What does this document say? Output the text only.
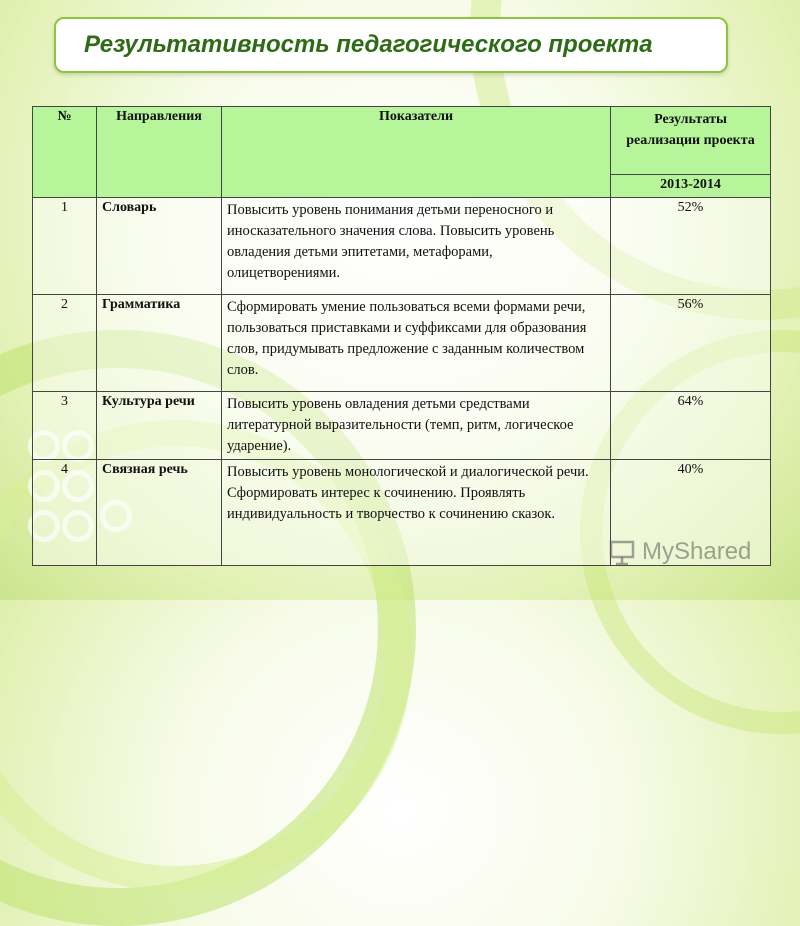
Результативность педагогического проекта
№	Направления	Показатели	Результаты реализации проекта
			2013-2014
1	Словарь	Повысить уровень понимания детьми переносного и иносказательного значения слова. Повысить уровень овладения детьми эпитетами, метафорами, олицетворениями.	52%
2	Грамматика	Сформировать умение пользоваться всеми формами речи, пользоваться приставками и суффиксами для образования слов, придумывать предложение с заданным количеством слов.	56%
3	Культура речи	Повысить уровень овладения детьми средствами литературной выразительности (темп, ритм, логическое ударение).	64%
4	Связная речь	Повысить уровень монологической и диалогической речи. Сформировать интерес к сочинению. Проявлять индивидуальность и творчество к сочинению сказок.	40%
MyShared
